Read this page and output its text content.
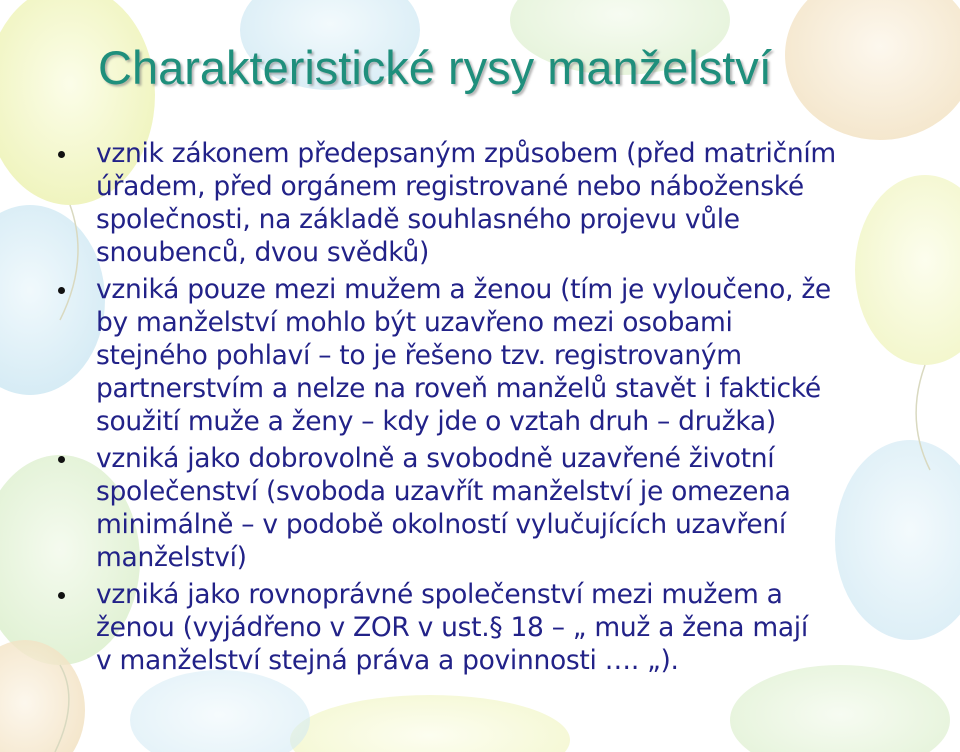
Charakteristické rysy manželství
vznik zákonem předepsaným způsobem (před matričním
úřadem, před orgánem registrované nebo náboženské
společnosti, na základě souhlasného projevu vůle
snoubenců, dvou svědků)
vzniká pouze mezi mužem a ženou (tím je vyloučeno, že
by manželství mohlo být uzavřeno mezi osobami
stejného pohlaví – to je řešeno tzv. registrovaným
partnerstvím a nelze na roveň manželů stavět i faktické
soužití muže a ženy – kdy jde o vztah druh – družka)
vzniká jako dobrovolně a svobodně uzavřené životní
společenství (svoboda uzavřít manželství je omezena
minimálně – v podobě okolností vylučujících uzavření
manželství)
vzniká jako rovnoprávné společenství mezi mužem a
ženou (vyjádřeno v ZOR v ust.§ 18 – „ muž a žena mají
v manželství stejná práva a povinnosti …. „).
